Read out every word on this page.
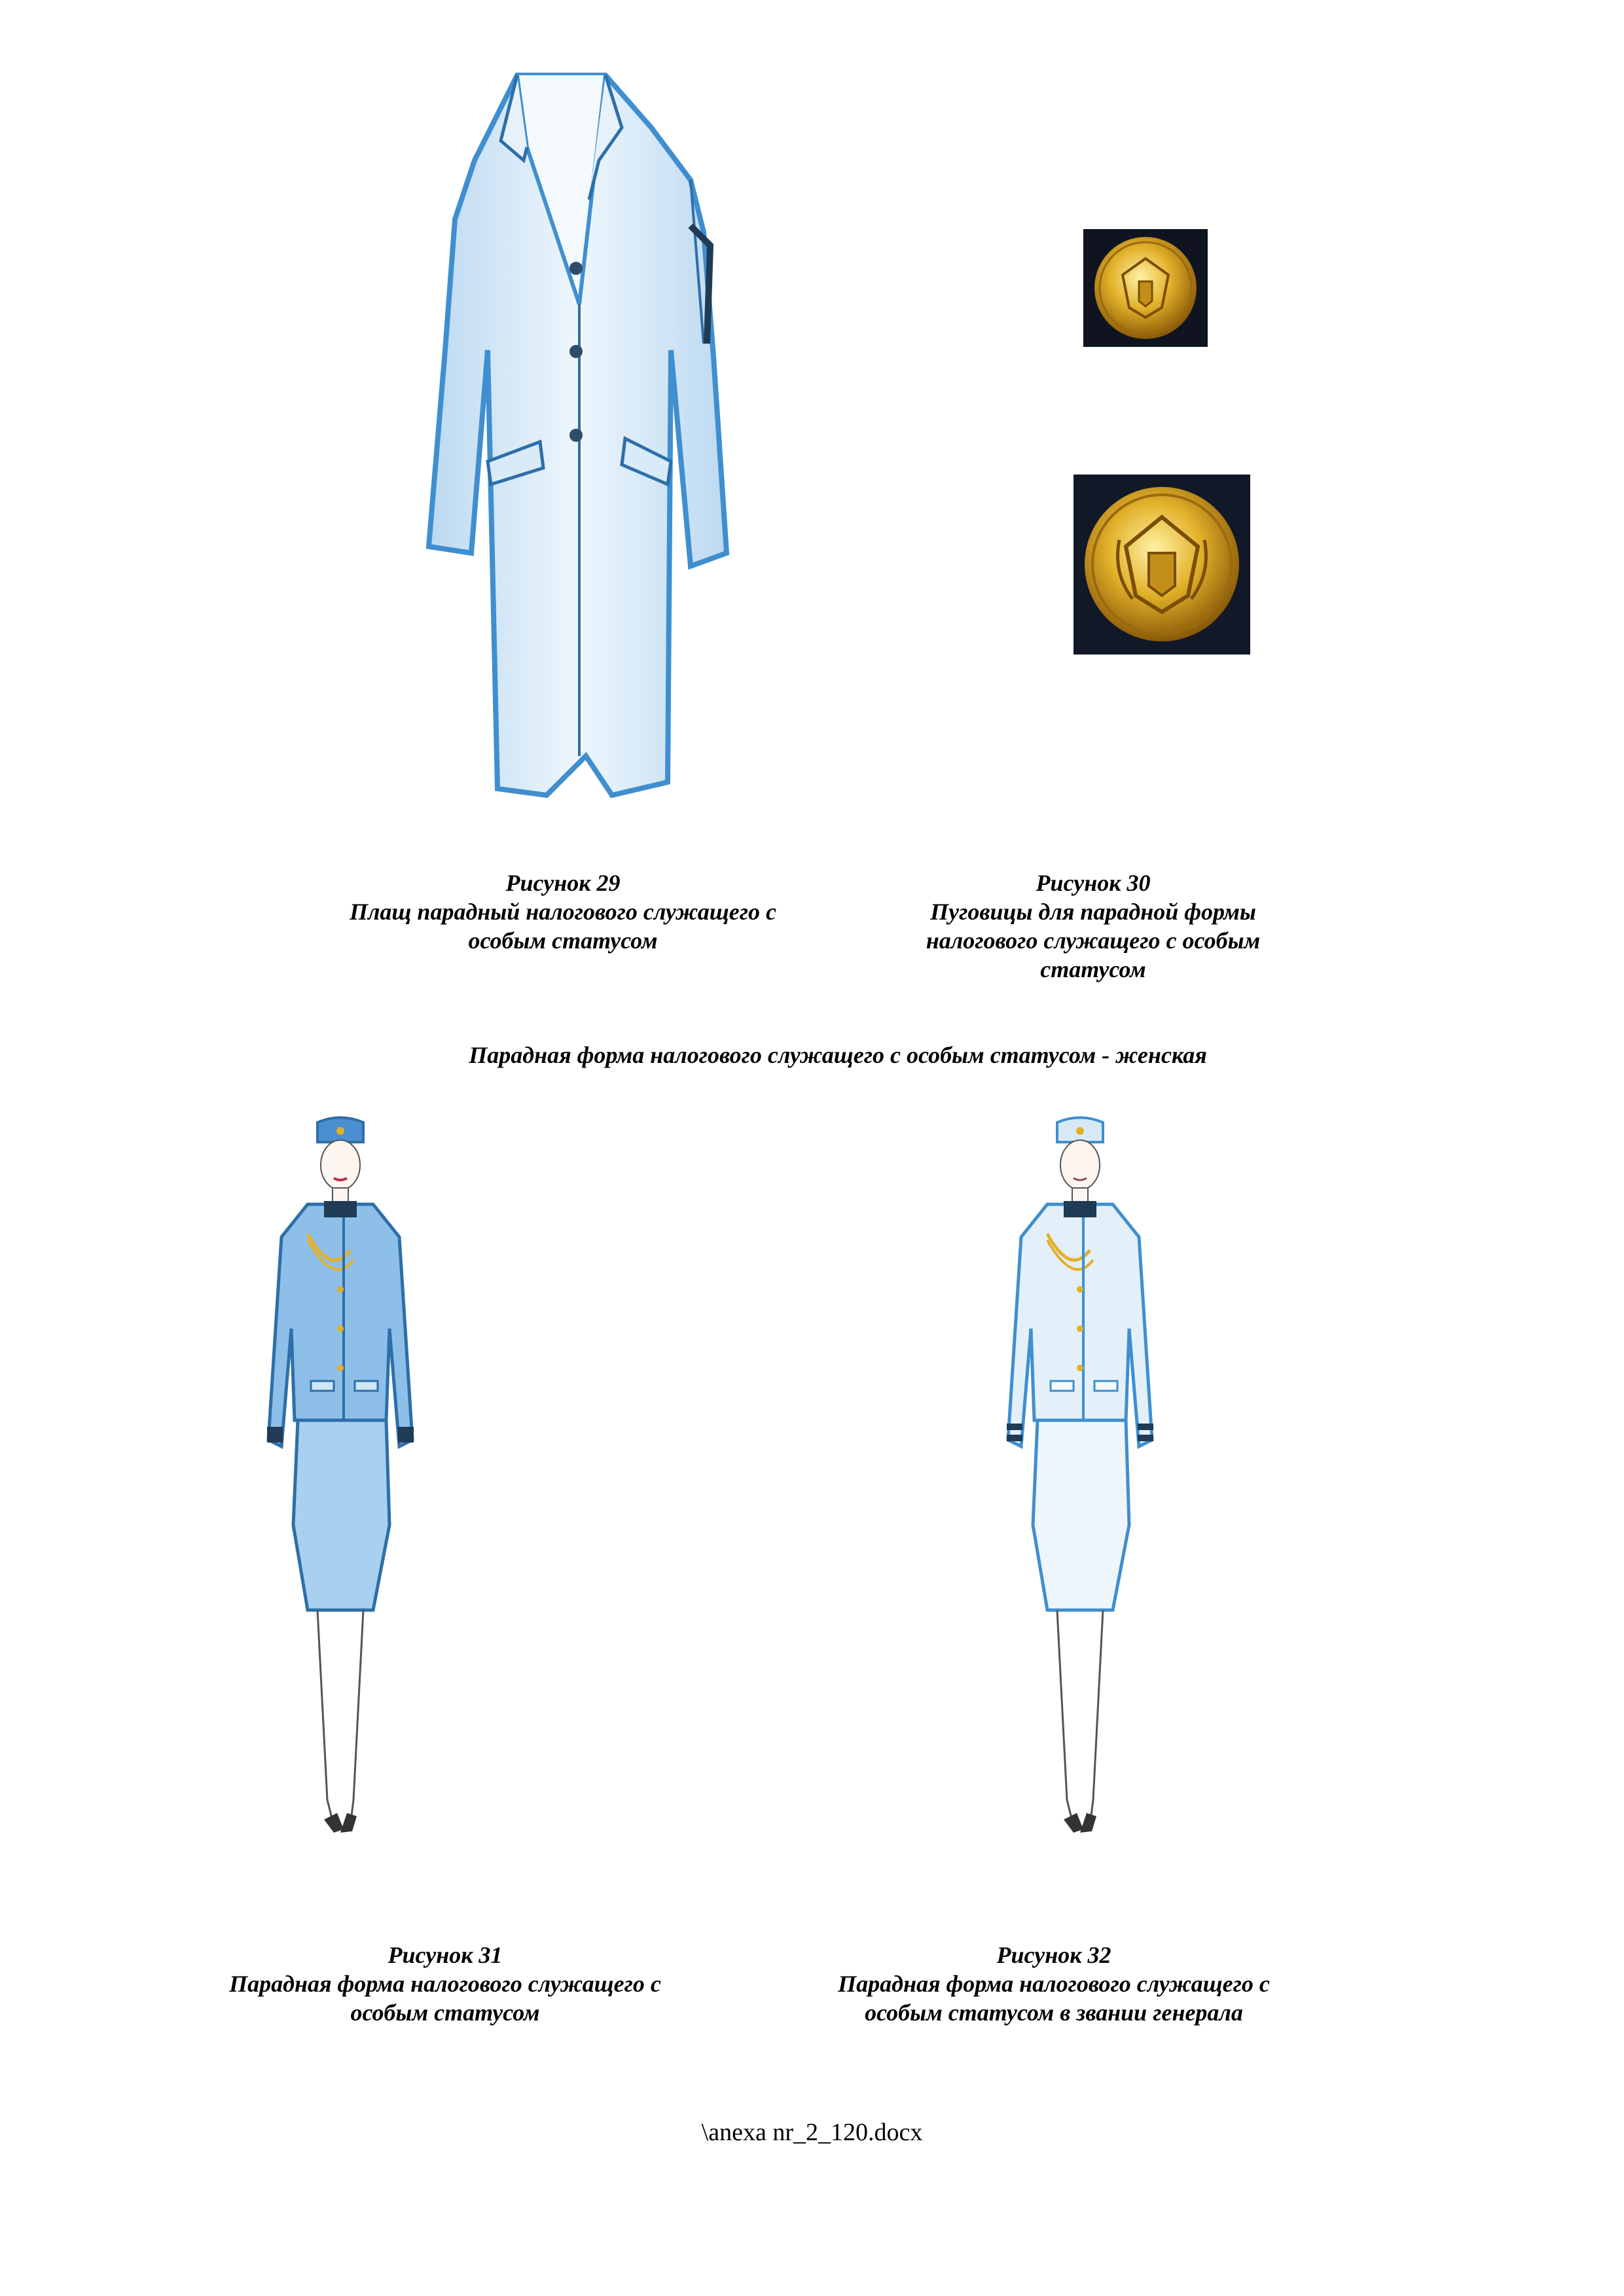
Рисунок 29
Плащ парадный налогового служащего с
особым статусом
Рисунок 30
Пуговицы для парадной формы
налогового служащего с особым
статусом
Парадная форма налогового служащего с особым статусом - женская
Рисунок 31
Парадная форма налогового служащего с
особым статусом
Рисунок 32
Парадная форма налогового служащего с
особым статусом в звании генерала
\anexa nr_2_120.docx
